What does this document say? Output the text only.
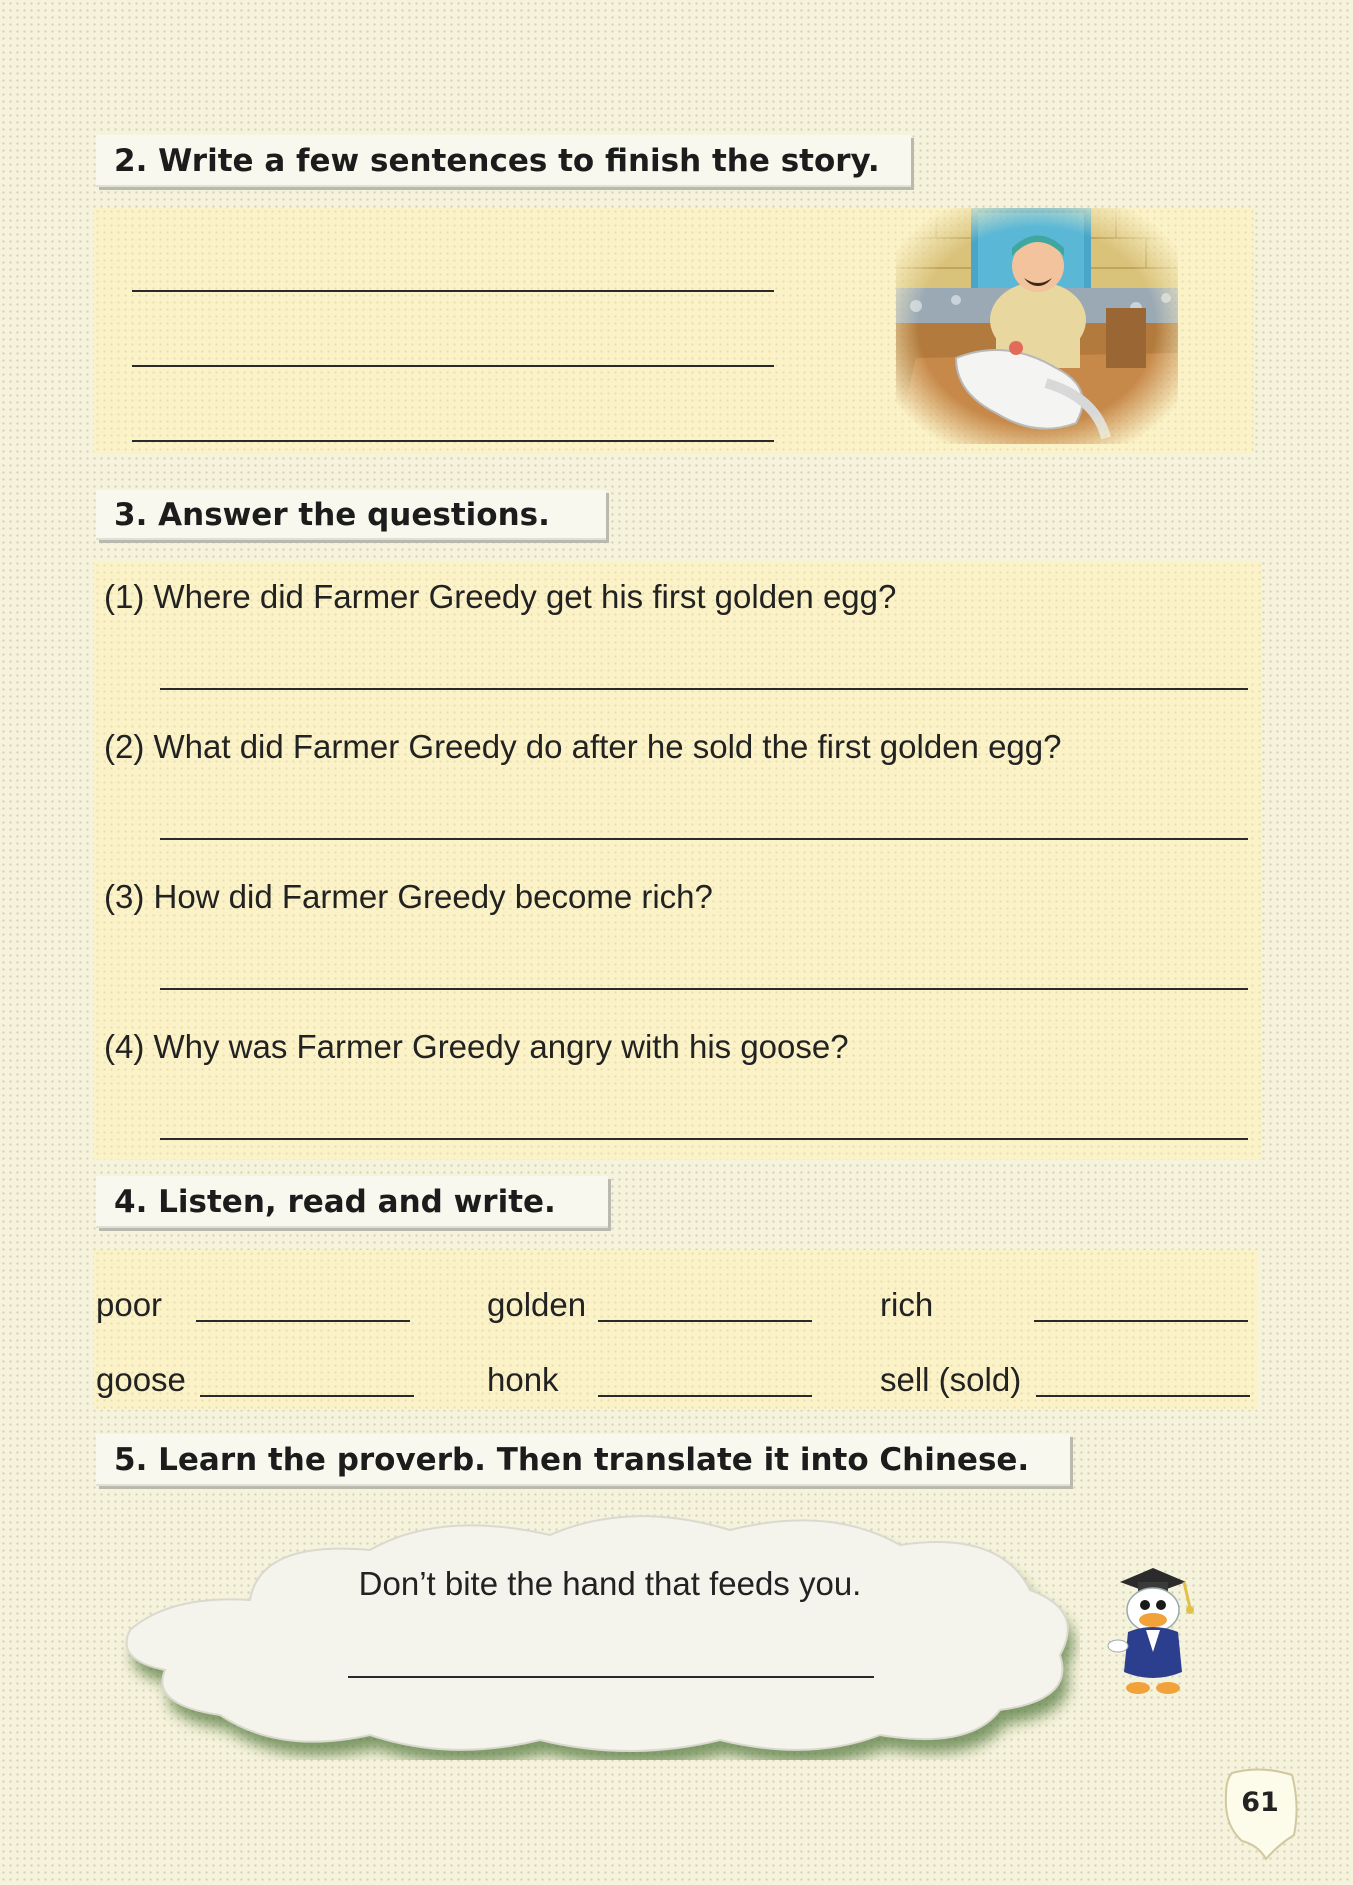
2. Write a few sentences to finish the story.
3. Answer the questions.
(1) Where did Farmer Greedy get his first golden egg?
(2) What did Farmer Greedy do after he sold the first golden egg?
(3) How did Farmer Greedy become rich?
(4) Why was Farmer Greedy angry with his goose?
4. Listen, read and write.
poor	golden	rich
goose	honk	sell (sold)
5. Learn the proverb. Then translate it into Chinese.
Don’t bite the hand that feeds you.
61
